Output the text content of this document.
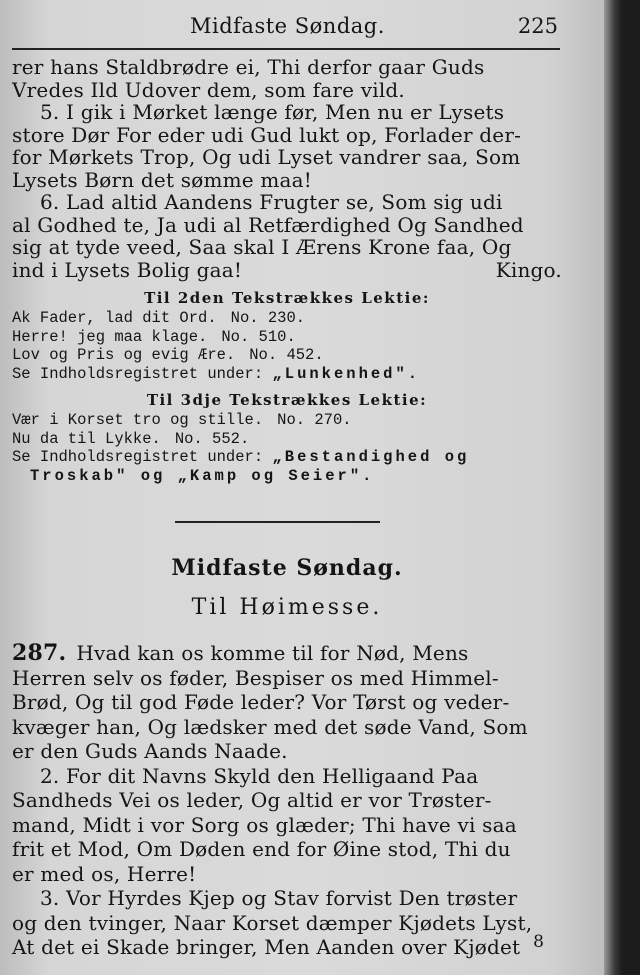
Midfaste Søndag.	225
rer hans Staldbrødre ei, Thi derfor gaar Guds
Vredes Ild Udover dem, som fare vild.
5. I gik i Mørket længe før, Men nu er Lysets
store Dør For eder udi Gud lukt op, Forlader der-
for Mørkets Trop, Og udi Lyset vandrer saa, Som
Lysets Børn det sømme maa!
6. Lad altid Aandens Frugter se, Som sig udi
al Godhed te, Ja udi al Retfærdighed Og Sandhed
sig at tyde veed, Saa skal I Ærens Krone faa, Og
ind i Lysets Bolig gaa!	Kingo.
Til 2den Tekstrækkes Lektie:
Ak Fader, lad dit Ord. No. 230.
Herre! jeg maa klage. No. 510.
Lov og Pris og evig Ære. No. 452.
Se Indholdsregistret under: „Lunkenhed".
Til 3dje Tekstrækkes Lektie:
Vær i Korset tro og stille. No. 270.
Nu da til Lykke. No. 552.
Se Indholdsregistret under: „Bestandighed og
Troskab" og „Kamp og Seier".
Midfaste Søndag.
Til Høimesse.
287. Hvad kan os komme til for Nød, Mens
Herren selv os føder, Bespiser os med Himmel-
Brød, Og til god Føde leder? Vor Tørst og veder-
kvæger han, Og lædsker med det søde Vand, Som
er den Guds Aands Naade.
2. For dit Navns Skyld den Helligaand Paa
Sandheds Vei os leder, Og altid er vor Trøster-
mand, Midt i vor Sorg os glæder; Thi have vi saa
frit et Mod, Om Døden end for Øine stod, Thi du
er med os, Herre!
3. Vor Hyrdes Kjep og Stav forvist Den trøster
og den tvinger, Naar Korset dæmper Kjødets Lyst,
At det ei Skade bringer, Men Aanden over Kjødet 8
